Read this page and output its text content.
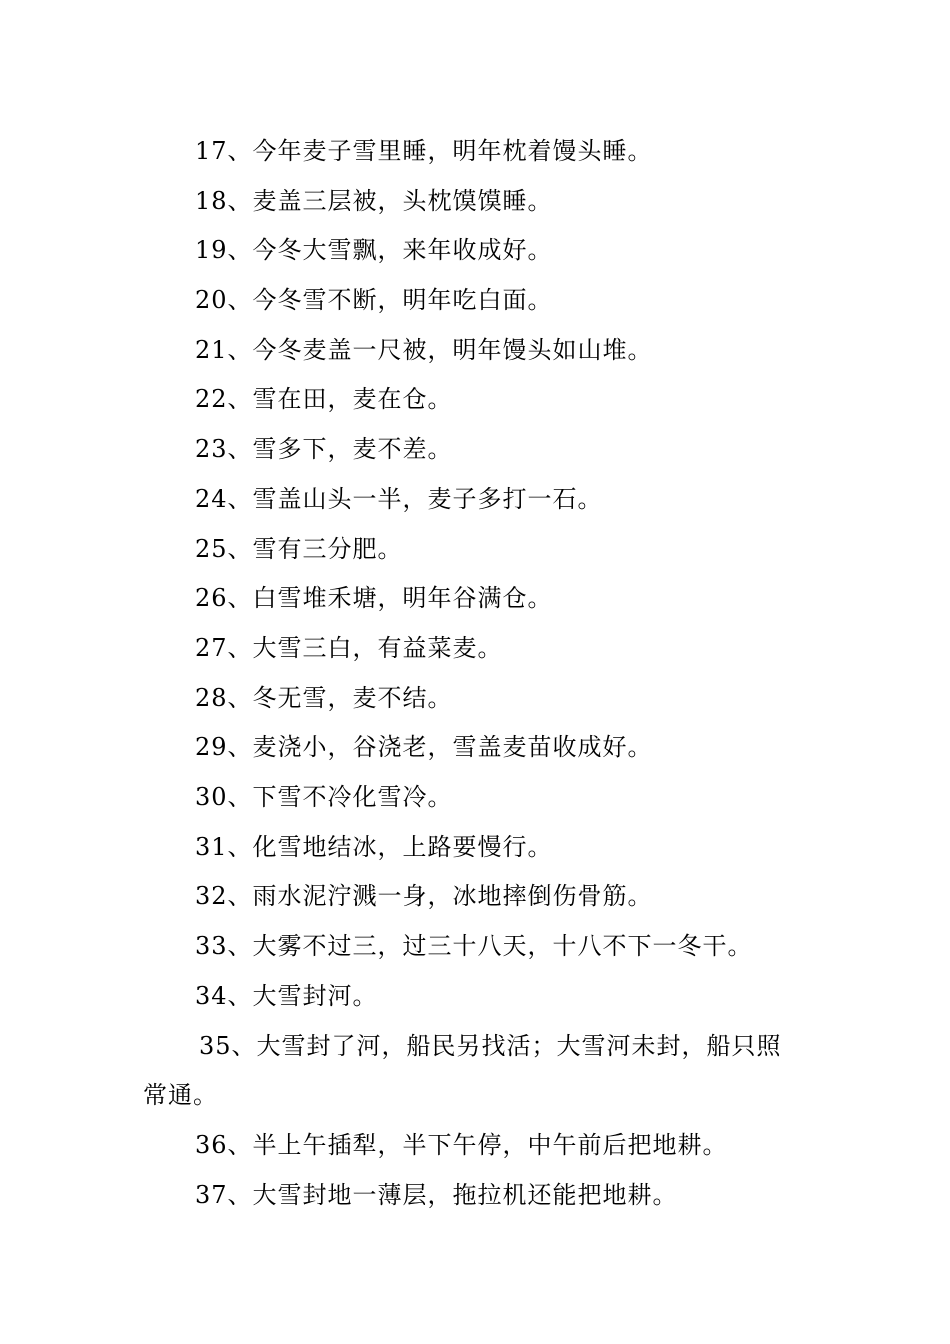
17、今年麦子雪里睡，明年枕着馒头睡。
18、麦盖三层被，头枕馍馍睡。
19、今冬大雪飘，来年收成好。
20、今冬雪不断，明年吃白面。
21、今冬麦盖一尺被，明年馒头如山堆。
22、雪在田，麦在仓。
23、雪多下，麦不差。
24、雪盖山头一半，麦子多打一石。
25、雪有三分肥。
26、白雪堆禾塘，明年谷满仓。
27、大雪三白，有益菜麦。
28、冬无雪，麦不结。
29、麦浇小，谷浇老，雪盖麦苗收成好。
30、下雪不冷化雪冷。
31、化雪地结冰，上路要慢行。
32、雨水泥泞溅一身，冰地摔倒伤骨筋。
33、大雾不过三，过三十八天，十八不下一冬干。
34、大雪封河。
35、大雪封了河，船民另找活；大雪河未封，船只照
常通。
36、半上午插犁，半下午停，中午前后把地耕。
37、大雪封地一薄层，拖拉机还能把地耕。
